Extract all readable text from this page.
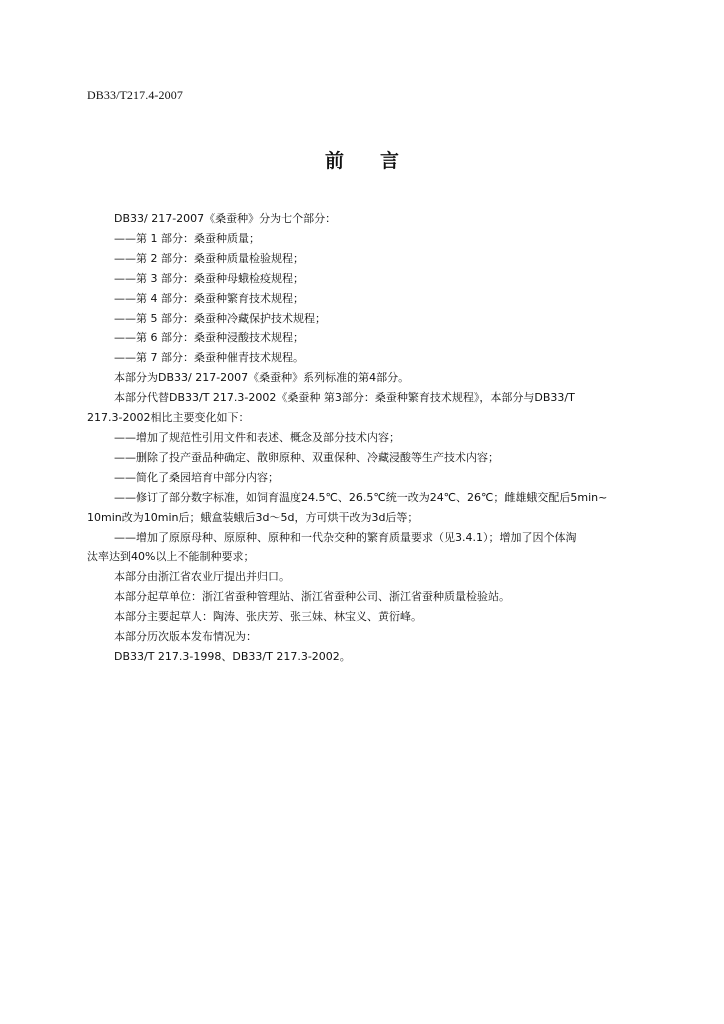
DB33/T217.4-2007
前 言
DB33/ 217-2007《桑蚕种》分为七个部分：
——第 1 部分：桑蚕种质量；
——第 2 部分：桑蚕种质量检验规程；
——第 3 部分：桑蚕种母蛾检疫规程；
——第 4 部分：桑蚕种繁育技术规程；
——第 5 部分：桑蚕种冷藏保护技术规程；
——第 6 部分：桑蚕种浸酸技术规程；
——第 7 部分：桑蚕种催青技术规程。
本部分为DB33/ 217-2007《桑蚕种》系列标准的第4部分。
本部分代替DB33/T 217.3-2002《桑蚕种 第3部分：桑蚕种繁育技术规程》，本部分与DB33/T
217.3-2002相比主要变化如下：
——增加了规范性引用文件和表述、概念及部分技术内容；
——删除了投产蚕品种确定、散卵原种、双重保种、冷藏浸酸等生产技术内容；
——简化了桑园培育中部分内容；
——修订了部分数字标准，如饲育温度24.5℃、26.5℃统一改为24℃、26℃；雌雄蛾交配后5min~
10min改为10min后；蛾盒装蛾后3d～5d，方可烘干改为3d后等；
——增加了原原母种、原原种、原种和一代杂交种的繁育质量要求（见3.4.1）；增加了因个体淘
汰率达到40%以上不能制种要求；
本部分由浙江省农业厅提出并归口。
本部分起草单位：浙江省蚕种管理站、浙江省蚕种公司、浙江省蚕种质量检验站。
本部分主要起草人：陶涛、张庆芳、张三妹、林宝义、黄衍峰。
本部分历次版本发布情况为：
DB33/T 217.3-1998、DB33/T 217.3-2002。
